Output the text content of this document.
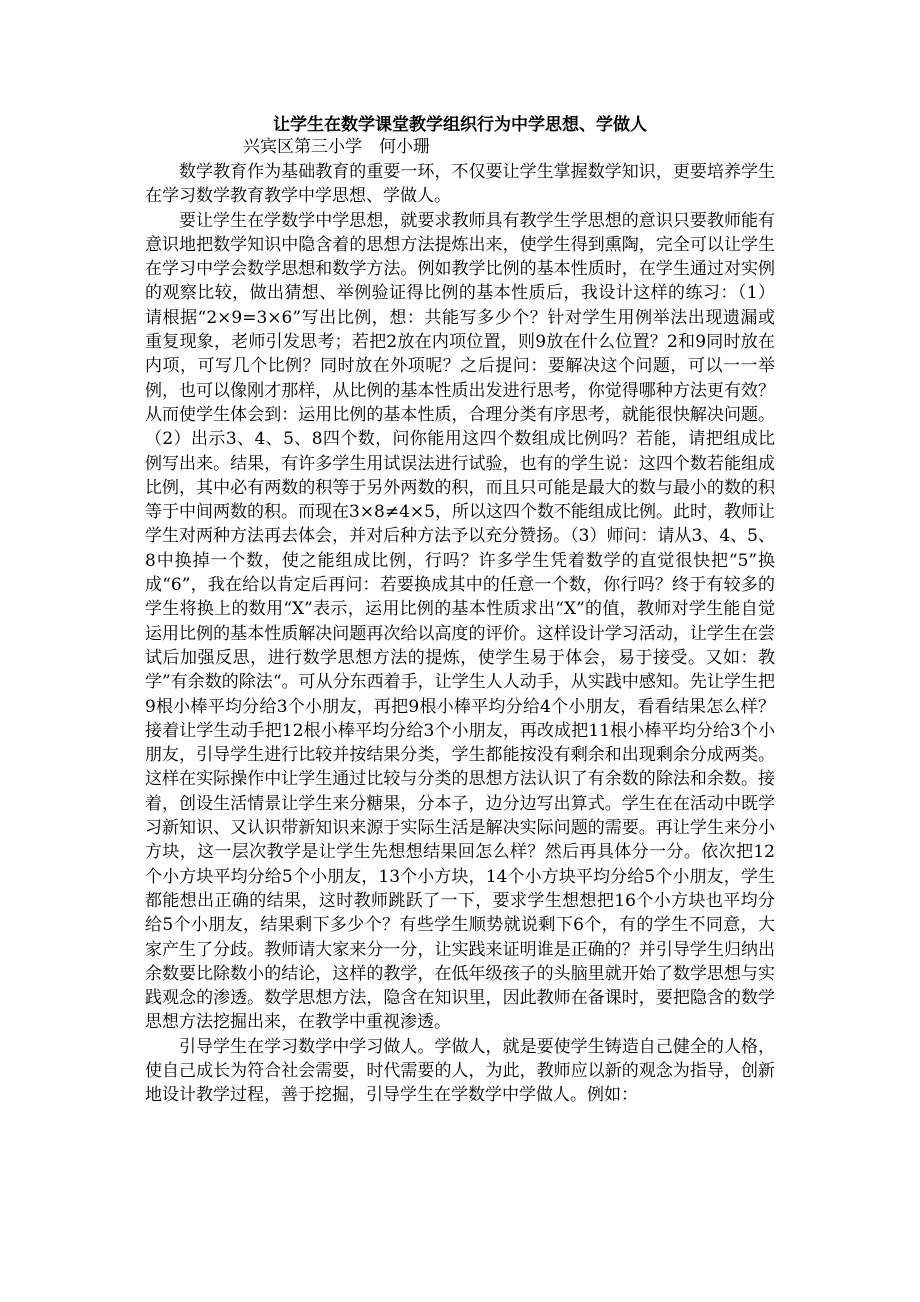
让学生在数学课堂教学组织行为中学思想、学做人
兴宾区第三小学　何小珊

数学教育作为基础教育的重要一环，不仅要让学生掌握数学知识，更要培养学生在学习数学教育教学中学思想、学做人。

要让学生在学数学中学思想，就要求教师具有教学生学思想的意识只要教师能有意识地把数学知识中隐含着的思想方法提炼出来，使学生得到熏陶，完全可以让学生在学习中学会数学思想和数学方法。例如教学比例的基本性质时，在学生通过对实例的观察比较，做出猜想、举例验证得比例的基本性质后，我设计这样的练习：（1）请根据“2×9=3×6”写出比例，想：共能写多少个？针对学生用例举法出现遗漏或重复现象，老师引发思考；若把2放在内项位置，则9放在什么位置？2和9同时放在内项，可写几个比例？同时放在外项呢？之后提问：要解决这个问题，可以一一举例，也可以像刚才那样，从比例的基本性质出发进行思考，你觉得哪种方法更有效？从而使学生体会到：运用比例的基本性质，合理分类有序思考，就能很快解决问题。（2）出示3、4、5、8四个数，问你能用这四个数组成比例吗？若能，请把组成比例写出来。结果，有许多学生用试误法进行试验，也有的学生说：这四个数若能组成比例，其中必有两数的积等于另外两数的积，而且只可能是最大的数与最小的数的积等于中间两数的积。而现在3×8≠4×5，所以这四个数不能组成比例。此时，教师让学生对两种方法再去体会，并对后种方法予以充分赞扬。（3）师问：请从3、4、5、8中换掉一个数，使之能组成比例，行吗？许多学生凭着数学的直觉很快把“5”换成“6”，我在给以肯定后再问：若要换成其中的任意一个数，你行吗？终于有较多的学生将换上的数用“X”表示，运用比例的基本性质求出“X”的值，教师对学生能自觉运用比例的基本性质解决问题再次给以高度的评价。这样设计学习活动，让学生在尝试后加强反思，进行数学思想方法的提炼，使学生易于体会，易于接受。又如：教学”有余数的除法“。可从分东西着手，让学生人人动手，从实践中感知。先让学生把9根小棒平均分给3个小朋友，再把9根小棒平均分给4个小朋友，看看结果怎么样？接着让学生动手把12根小棒平均分给3个小朋友，再改成把11根小棒平均分给3个小朋友，引导学生进行比较并按结果分类，学生都能按没有剩余和出现剩余分成两类。这样在实际操作中让学生通过比较与分类的思想方法认识了有余数的除法和余数。接着，创设生活情景让学生来分糖果，分本子，边分边写出算式。学生在在活动中既学习新知识、又认识带新知识来源于实际生活是解决实际问题的需要。再让学生来分小方块，这一层次教学是让学生先想想结果回怎么样？然后再具体分一分。依次把12个小方块平均分给5个小朋友，13个小方块，14个小方块平均分给5个小朋友，学生都能想出正确的结果，这时教师跳跃了一下，要求学生想想把16个小方块也平均分给5个小朋友，结果剩下多少个？有些学生顺势就说剩下6个，有的学生不同意，大家产生了分歧。教师请大家来分一分，让实践来证明谁是正确的？并引导学生归纳出余数要比除数小的结论，这样的教学，在低年级孩子的头脑里就开始了数学思想与实践观念的渗透。数学思想方法，隐含在知识里，因此教师在备课时，要把隐含的数学思想方法挖掘出来，在教学中重视渗透。

引导学生在学习数学中学习做人。学做人，就是要使学生铸造自己健全的人格，使自己成长为符合社会需要，时代需要的人，为此，教师应以新的观念为指导，创新地设计教学过程，善于挖掘，引导学生在学数学中学做人。例如：
